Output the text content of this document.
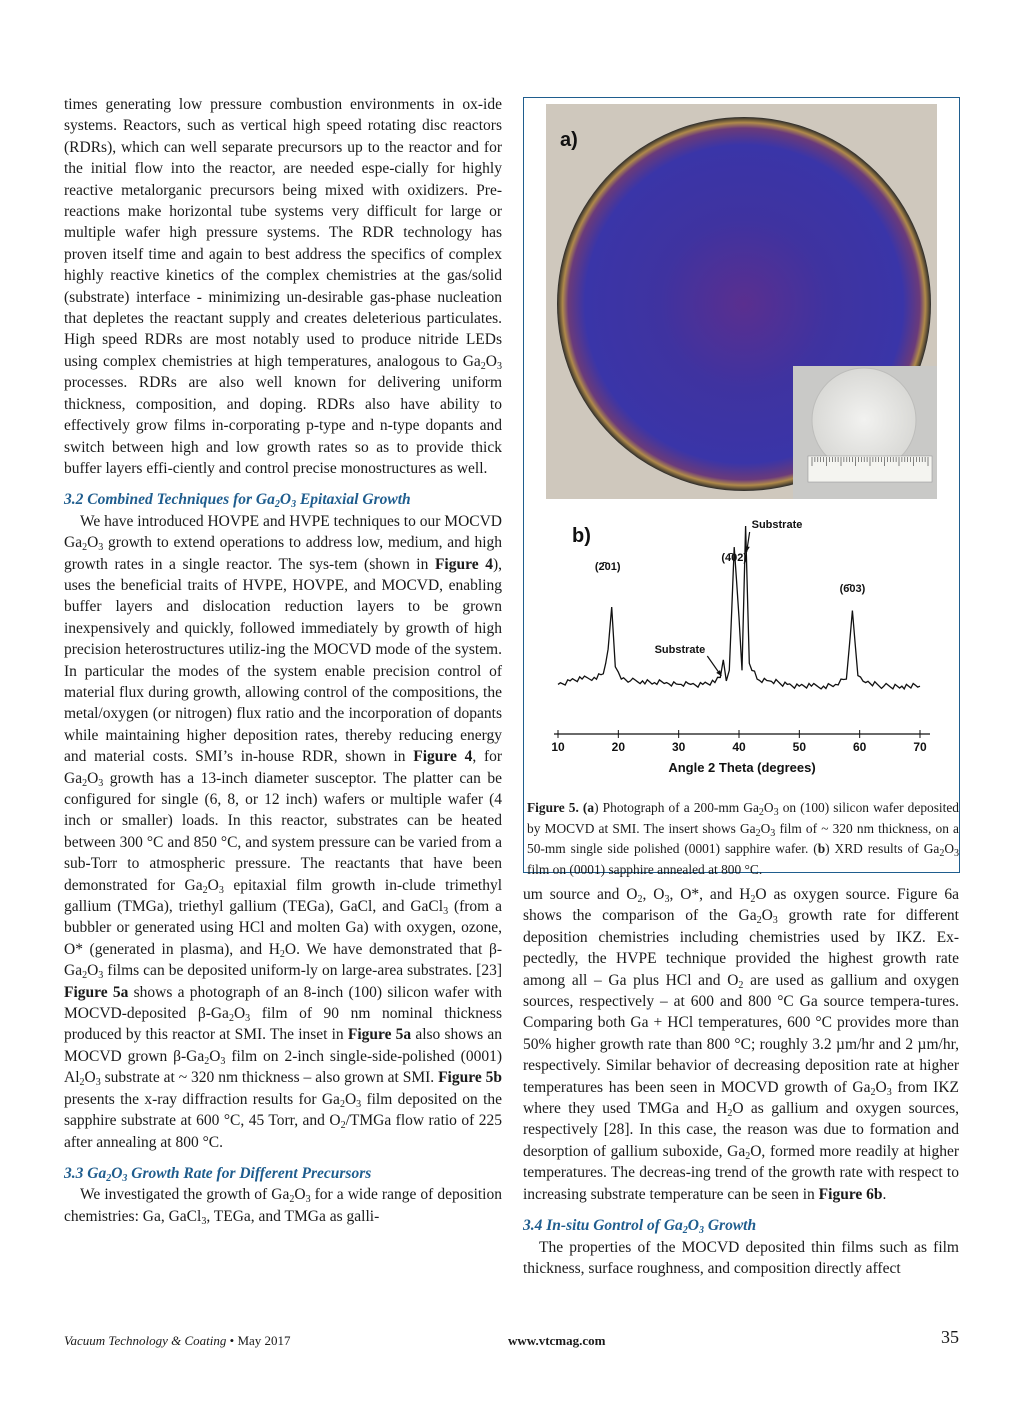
times generating low pressure combustion environments in ox-ide systems. Reactors, such as vertical high speed rotating disc reactors (RDRs), which can well separate precursors up to the reactor and for the initial flow into the reactor, are needed espe-cially for highly reactive metalorganic precursors being mixed with oxidizers. Pre-reactions make horizontal tube systems very difficult for large or multiple wafer high pressure systems. The RDR technology has proven itself time and again to best address the specifics of complex highly reactive kinetics of the complex chemistries at the gas/solid (substrate) interface - minimizing un-desirable gas-phase nucleation that depletes the reactant supply and creates deleterious particulates. High speed RDRs are most notably used to produce nitride LEDs using complex chemistries at high temperatures, analogous to $Ga_2O_3$ processes. RDRs are also well known for delivering uniform thickness, composition, and doping. RDRs also have ability to effectively grow films in-corporating p-type and n-type dopants and switch between high and low growth rates so as to provide thick buffer layers effi-ciently and control precise monostructures as well.

3.2 Combined Techniques for $Ga_2O_3$ Epitaxial Growth

We have introduced HOVPE and HVPE techniques to our MOCVD $Ga_2O_3$ growth to extend operations to address low, medium, and high growth rates in a single reactor. The sys-tem (shown in Figure 4), uses the beneficial traits of HVPE, HOVPE, and MOCVD, enabling buffer layers and dislocation reduction layers to be grown inexpensively and quickly, followed immediately by growth of high precision heterostructures utiliz-ing the MOCVD mode of the system. In particular the modes of the system enable precision control of material flux during growth, allowing control of the compositions, the metal/oxygen (or nitrogen) flux ratio and the incorporation of dopants while maintaining higher deposition rates, thereby reducing energy and material costs. SMI’s in-house RDR, shown in Figure 4, for $Ga_2O_3$ growth has a 13-inch diameter susceptor. The platter can be configured for single (6, 8, or 12 inch) wafers or multiple wafer (4 inch or smaller) loads. In this reactor, substrates can be heated between 300 °C and 850 °C, and system pressure can be varied from a sub-Torr to atmospheric pressure. The reactants that have been demonstrated for $Ga_2O_3$ epitaxial film growth in-clude trimethyl gallium (TMGa), triethyl gallium (TEGa), GaCl, and GaCl$_3$ (from a bubbler or generated using HCl and molten Ga) with oxygen, ozone, O* (generated in plasma), and $H_2O$. We have demonstrated that $\beta-Ga_2O_3$ films can be deposited uniform-ly on large-area substrates. [23] Figure 5a shows a photograph of an 8-inch (100) silicon wafer with MOCVD-deposited $\beta-Ga_2O_3$ film of 90 nm nominal thickness produced by this reactor at SMI. The inset in Figure 5a also shows an MOCVD grown $\beta-Ga_2O_3$ film on 2-inch single-side-polished (0001) $Al_2O_3$ substrate at ~ 320 nm thickness – also grown at SMI. Figure 5b presents the x-ray diffraction results for $Ga_2O_3$ film deposited on the sapphire substrate at 600 °C, 45 Torr, and $O_2$/TMGa flow ratio of 225 after annealing at 800 °C.

3.3 $Ga_2O_3$ Growth Rate for Different Precursors

We investigated the growth of $Ga_2O_3$ for a wide range of deposition chemistries: Ga, GaCl$_3$, TEGa, and TMGa as galli-

a)
b)
10	20	30	40	50	60	70
(2̄01)
(4̄02)
Substrate
Substrate
(6̄03)
Angle 2 Theta (degrees)
Figure 5. (a) Photograph of a 200-mm $Ga_2O_3$ on (100) silicon wafer deposited by MOCVD at SMI. The insert shows $Ga_2O_3$ film of ~ 320 nm thickness, on a 50-mm single side polished (0001) sapphire wafer. (b) XRD results of $Ga_2O_3$ film on (0001) sapphire annealed at 800 °C.

um source and $O_2$, $O_3$, O*, and $H_2O$ as oxygen source. Figure 6a shows the comparison of the $Ga_2O_3$ growth rate for different deposition chemistries including chemistries used by IKZ. Ex-pectedly, the HVPE technique provided the highest growth rate among all – Ga plus HCl and $O_2$ are used as gallium and oxygen sources, respectively – at 600 and 800 °C Ga source tempera-tures. Comparing both Ga + HCl temperatures, 600 °C provides more than 50% higher growth rate than 800 °C; roughly 3.2 µm/hr and 2 µm/hr, respectively. Similar behavior of decreasing deposition rate at higher temperatures has been seen in MOCVD growth of $Ga_2O_3$ from IKZ where they used TMGa and $H_2O$ as gallium and oxygen sources, respectively [28]. In this case, the reason was due to formation and desorption of gallium suboxide, $Ga_2O$, formed more readily at higher temperatures. The decreas-ing trend of the growth rate with respect to increasing substrate temperature can be seen in Figure 6b.

3.4 In-situ Gontrol of $Ga_2O_3$ Growth

The properties of the MOCVD deposited thin films such as film thickness, surface roughness, and composition directly affect

Vacuum Technology & Coating • May 2017	www.vtcmag.com	35
